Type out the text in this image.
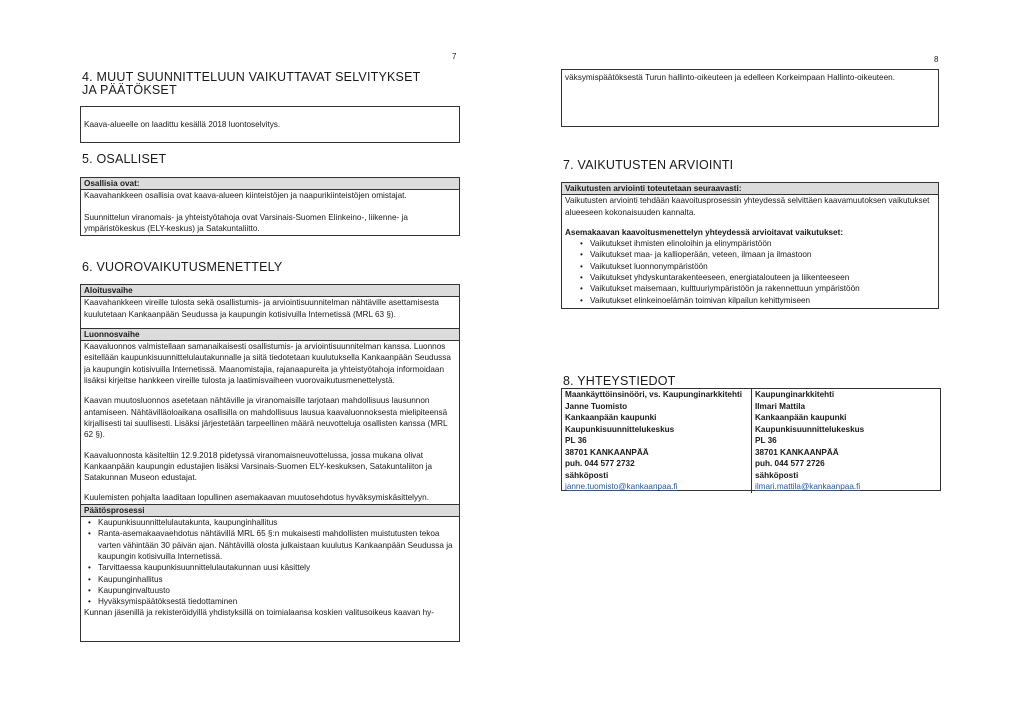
7
4. MUUT SUUNNITTELUUN VAIKUTTAVAT SELVITYKSET JA PÄÄTÖKSET
Kaava-alueelle on laadittu kesällä 2018 luontoselvitys.
5. OSALLISET
Osallisia ovat:
Kaavahankkeen osallisia ovat kaava-alueen kiinteistöjen ja naapurikiinteistöjen omistajat.
Suunnittelun viranomais- ja yhteistyötahoja ovat Varsinais-Suomen Elinkeino-, liikenne- ja ympäristökeskus (ELY-keskus) ja Satakuntaliitto.
6. VUOROVAIKUTUSMENETTELY
Aloitusvaihe
Kaavahankkeen vireille tulosta sekä osallistumis- ja arviointisuunnitelman nähtäville asettamisesta kuulutetaan Kankaanpään Seudussa ja kaupungin kotisivuilla Internetissä (MRL 63 §).
Luonnosvaihe
Kaavaluonnos valmistellaan samanaikaisesti osallistumis- ja arviointisuunnitelman kanssa. Luonnos esitellään kaupunkisuunnittelulautakunnalle ja siitä tiedotetaan kuulutuksella Kankaanpään Seudussa ja kaupungin kotisivuilla Internetissä. Maanomistajia, rajanaapureita ja yhteistyötahoja informoidaan lisäksi kirjeitse hankkeen vireille tulosta ja laatimisvaiheen vuorovaikutusmenettelystä.
Kaavan muutosluonnos asetetaan nähtäville ja viranomaisille tarjotaan mahdollisuus lausunnon antamiseen. Nähtävilläoloaikana osallisilla on mahdollisuus lausua kaavaluonnoksesta mielipiteensä kirjallisesti tai suullisesti. Lisäksi järjestetään tarpeellinen määrä neuvotteluja osallisten kanssa (MRL 62 §).
Kaavaluonnosta käsiteltiin 12.9.2018 pidetyssä viranomaisneuvottelussa, jossa mukana olivat Kankaanpään kaupungin edustajien lisäksi Varsinais-Suomen ELY-keskuksen, Satakuntaliiton ja Satakunnan Museon edustajat.
Kuulemisten pohjalta laaditaan lopullinen asemakaavan muutosehdotus hyväksymiskäsittelyyn.
Päätösprosessi
• Kaupunkisuunnittelulautakunta, kaupunginhallitus
• Ranta-asemakaavaehdotus nähtävillä MRL 65 §:n mukaisesti mahdollisten muistutusten tekoa varten vähintään 30 päivän ajan. Nähtävillä olosta julkaistaan kuulutus Kankaanpään Seudussa ja kaupungin kotisivuilla Internetissä.
• Tarvittaessa kaupunkisuunnittelulautakunnan uusi käsittely
• Kaupunginhallitus
• Kaupunginvaltuusto
• Hyväksymispäätöksestä tiedottaminen
Kunnan jäsenillä ja rekisteröidyillä yhdistyksillä on toimialaansa koskien valitusoikeus kaavan hy-
8
väksymispäätöksestä Turun hallinto-oikeuteen ja edelleen Korkeimpaan Hallinto-oikeuteen.
7. VAIKUTUSTEN ARVIOINTI
Vaikutusten arviointi toteutetaan seuraavasti:
Vaikutusten arviointi tehdään kaavoitusprosessin yhteydessä selvittäen kaavamuutoksen vaikutukset alueeseen kokonaisuuden kannalta.
Asemakaavan kaavoitusmenettelyn yhteydessä arvioitavat vaikutukset:
• Vaikutukset ihmisten elinoloihin ja elinympäristöön
• Vaikutukset maa- ja kallioperään, veteen, ilmaan ja ilmastoon
• Vaikutukset luonnonympäristöön
• Vaikutukset yhdyskuntarakenteeseen, energiatalouteen ja liikenteeseen
• Vaikutukset maisemaan, kulttuuriympäristöön ja rakennettuun ympäristöön
• Vaikutukset elinkeinoelämän toimivan kilpailun kehittymiseen
8. YHTEYSTIEDOT
Maankäyttöinsinööri, vs. Kaupunginarkkitehti
Janne Tuomisto
Kankaanpään kaupunki
Kaupunkisuunnittelukeskus
PL 36
38701 KANKAANPÄÄ
puh. 044 577 2732
sähköposti
janne.tuomisto@kankaanpaa.fi
Kaupunginarkkitehti
Ilmari Mattila
Kankaanpään kaupunki
Kaupunkisuunnittelukeskus
PL 36
38701 KANKAANPÄÄ
puh. 044 577 2726
sähköposti
ilmari.mattila@kankaanpaa.fi
